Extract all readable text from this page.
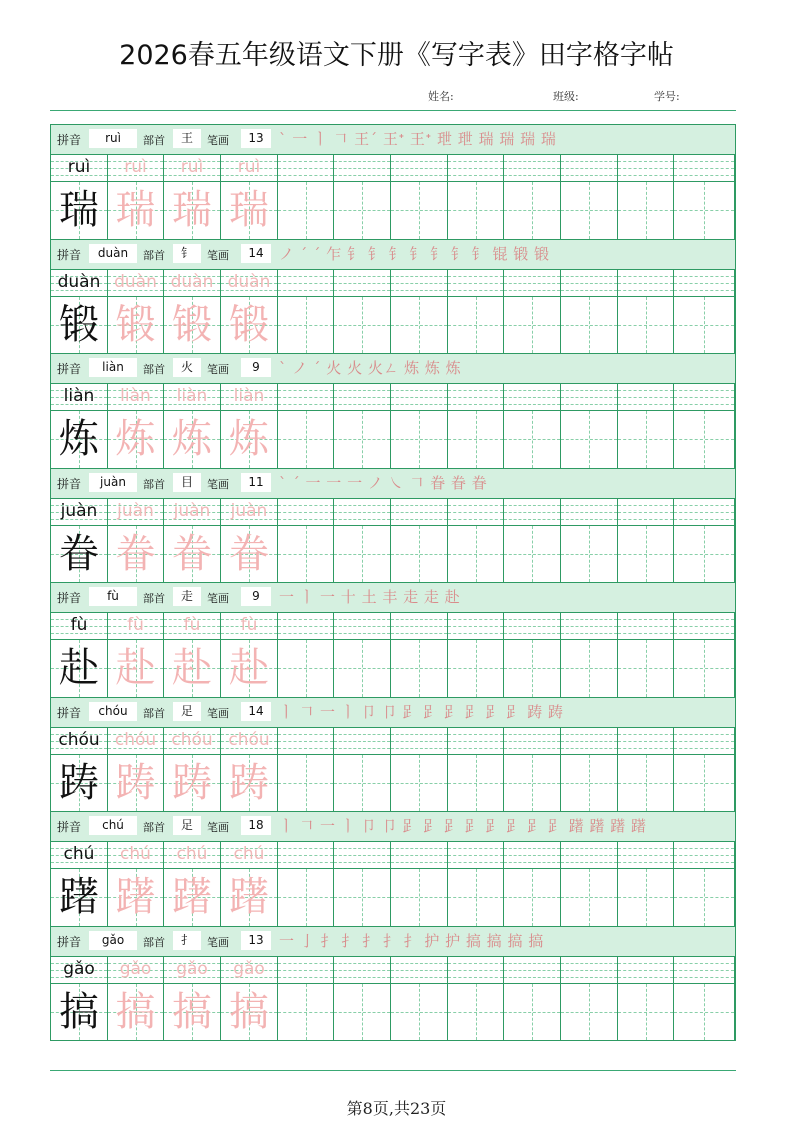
2026春五年级语文下册《写字表》田字格字帖
姓名:	班级:	学号:
拼音	ruì	部首	王	笔画	13	ˋ 一 ㅣ 𠃍 王ˊ 王ᐩ 王ᐩ 玴 玴 瑞 瑞 瑞 瑞
ruì
瑞
ruì
瑞
ruì
瑞
ruì
瑞
拼音	duàn	部首	钅	笔画	14	ノ ˊ ˊ 乍 钅 钅 钅 钅 钅 钅 钅 锟 锻 锻
duàn
锻
duàn
锻
duàn
锻
duàn
锻
拼音	liàn	部首	火	笔画	9	ˋ ノ ˊ 火 火 火ㄥ 炼 炼 炼
liàn
炼
liàn
炼
liàn
炼
liàn
炼
拼音	juàn	部首	目	笔画	11	ˋ ˊ 一 一 一 ノ ㇏ 𠃍 眷 眷 眷
juàn
眷
juàn
眷
juàn
眷
juàn
眷
拼音	fù	部首	走	笔画	9	一 ㅣ 一 十 土 丰 走 走 赴
fù
赴
fù
赴
fù
赴
fù
赴
拼音	chóu	部首	足	笔画	14	ㅣ 𠃍 一 ㅣ 卩 卩 𧾷 𧾷 𧾷 𧾷 𧾷 𧾷 踌 踌
chóu
踌
chóu
踌
chóu
踌
chóu
踌
拼音	chú	部首	足	笔画	18	ㅣ 𠃍 一 ㅣ 卩 卩 𧾷 𧾷 𧾷 𧾷 𧾷 𧾷 𧾷 𧾷 躇 躇 躇 躇
chú
躇
chú
躇
chú
躇
chú
躇
拼音	gǎo	部首	扌	笔画	13	一 亅 扌 扌 扌 扌 扌 护 护 搞 搞 搞 搞
gǎo
搞
gǎo
搞
gǎo
搞
gǎo
搞
第8页,共23页
